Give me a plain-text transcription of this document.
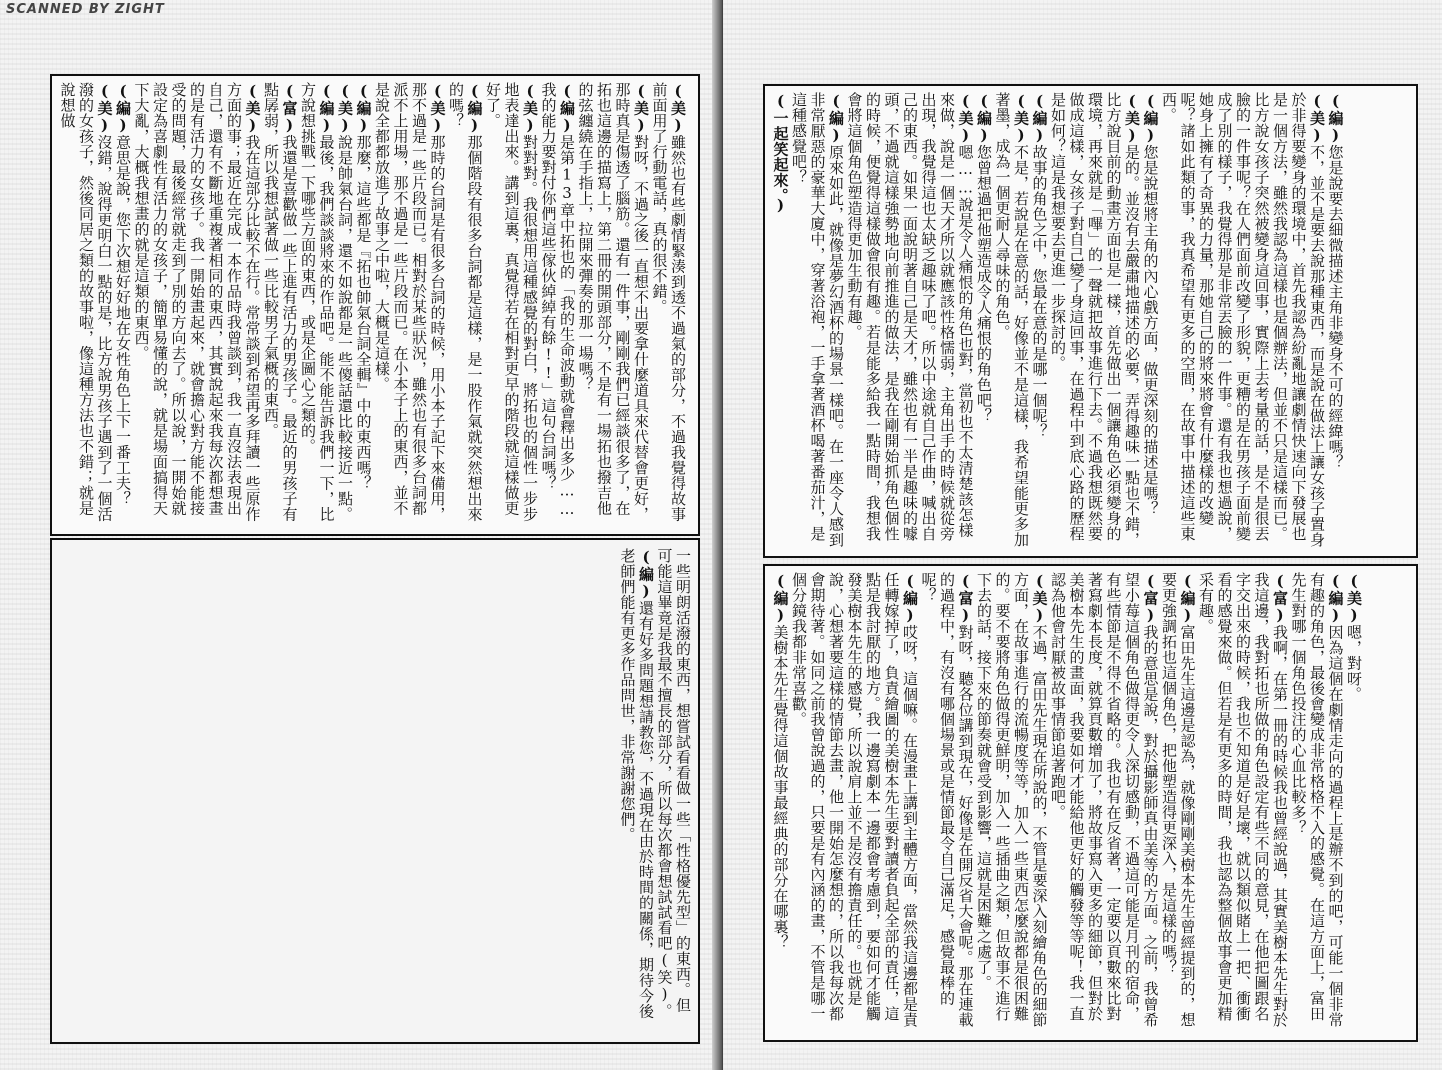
SCANNED BY ZIGHT
(美)雖然也有些劇情緊湊到透不過氣的部分，不過我覺得故事前面用了行動電話，真的很不錯。
(美)對呀，不過之後一直想不出要拿什麼道具來代替會更好，那時真是傷透了腦筋。還有一件事，剛剛我們已經談很多了，在拓也這邊的描寫上，第二冊的開頭部分，不是有一場拓也撥吉他的弦纏繞在手指上，拉開來彈奏的那一場嗎？
(編)是第13章中拓也的「我的生命波動就會釋出多少……我的能力要對付你們這些傢伙綽綽有餘!!」這句台詞嗎？
(美)對對對。我很想用這種感覺的對白，將拓也的個性一步步地表達出來。講到這裏，真覺得若在相對更早的階段就這樣做更好了。
(編)那個階段有很多台詞都是這樣，是一股作氣就突然想出來的嗎？
(美)那時的台詞是有很多台詞的時候，用小本子記下來備用，那不過是一些片段而已。相對於某些狀況，雖然也有很多台詞都派不上用場，那不過是一些片段而已。在小本子上的東西，並不是說全都都放進了故事之中啦，大概是這樣。
(編)那麼，這些都是『拓也帥氣台詞全輯』中的東西嗎？
(美)說是帥氣台詞，還不如說都是一些傻話還比較接近一點。
(編)最後，我們談談將來的作品吧。能不能告訴我們一下，比方說想挑戰一下哪些方面的東西，或是企圖心之類的。
(富)我還是喜歡做一些上進有活力的男孩子。最近的男孩子有點孱弱，所以我想試著做一些比較男子氣概的東西。
(美)我在這部分比較不在行。常常談到希望再多拜讀一些原作方面的事；最近在完成一本作品時我曾談到，我一直沒法表現出自己，還有不斷地重複著相同的東西，其實說起來我每次都想畫的是有活力的女孩子。我一開始畫起來，就會擔心對方能不能接受的問題，最後經常就走到了別的方向去了。所以說，一開始就設定為喜劇性有活力的女孩子，簡單易懂的說，就是場面搞得天下大亂，大概我想畫的就是這類的東西。
(編)意思是說，您下次想好好地在女性角色上下一番工夫？
(美)沒錯，說得更明白一點的是，比方說男孩子遇到了一個活潑的女孩子，然後同居之類的故事啦，像這種方法也不錯；就是說想做
一些明朗活潑的東西，想嘗試看看做一些「性格優先型」的東西。但可能這畢竟是我最不擅長的部分，所以每次都會想試試看吧(笑)。
(編)還有好多問題想請教您，不過現在由於時間的關係，期待今後老師們能有更多作品問世，非常謝謝您們。
(編)您是說要去細微描述主角非變身不可的經緯嗎？
(美)不，並不是要去說那種東西，而是說在做法上讓女孩子置身於非得要變身的環境中，首先我認為紛亂地讓劇情快速向下發展也是一個方法，雖然我認為這樣也是個辦法，但並不只是這樣而已。比方說女孩子突然被變身這回事，實際上去考量的話，是不是很丟臉的一件事呢？在人們面前改變了形貌，更糟的是在男孩子面前變成了別的樣子，我覺得那是非常丟臉的一件事。還有我也想過說，她身上擁有了奇異的力量，那她自己的將來將會有什麼樣的改變呢？諸如此類的事，我真希望有更多的空間，在故事中描述這些東西。
(編)您是說想將主角的內心戲方面，做更深刻的描述是嗎？
(美)是的。並沒有去嚴肅地描述的必要，弄得趣味一點也不錯，比方說目前的動畫方面也是一樣，首先做出一個讓角色必須變身的環境，再來就是「嗶」的一聲就把故事進行下去。不過我想既然要做成這樣，女孩子對自己變了身這回事，在過程中到底心路的歷程是如何？這是我想要去更進一步探討的。
(編)故事的角色之中，您最在意的是哪一個呢？
(美)不是，若說是在意的話，好像並不是這樣，我希望能更多加著墨，成為一個更耐人尋味的角色。
(編)您曾想過把他塑造成令人痛恨的角色吧？
(美)嗯……說是令人痛恨的角色也對，當初也不太清楚該怎樣來做，說是一個天才所以就應該性格懦弱，主角出手的時候就從旁出現，我覺得這也太缺乏趣味了吧。所以中途就自己作曲，喊出自己的東西。如果一面說明著自己是天才，雖然也有一半是趣味的噱頭，不過就這樣強勢地向前推進的做法，是我在剛開始抓角色個性的時候，便覺得這樣做會很有趣。若是能多給我一點時間，我想我會將這個角色塑造得更加生動有趣。
(編)原來如此，就像是夢幻酒杯的場景一樣吧。在一座令人感到非常厭惡的豪華大廈中，穿著浴袍，一手拿著酒杯喝著番茄汁，是這種感覺吧？
(一起笑起來。)
(美)嗯，對呀。
(編)因為這個在劇情走向的過程上是辦不到的吧，可能一個非常有趣的角色，最後會變成非常格格不入的感覺。在這方面上，富田先生對哪一個角色投注的心血比較多？
(富)我啊，在第一冊的時候我也曾經說過，其實美樹本先生對於我這邊，我對拓也所做的角色設定有些不同的意見，在他把圖跟名字交出來的時候，我也不知道是好是壞，就以類似賭上一把、衝衝看的感覺來做。但若是有更多的時間，我也認為整個故事會更加精采有趣。
(編)富田先生這邊是認為，就像剛剛美樹本先生曾經提到的，想要更強調拓也這個角色，把他塑造得更深入，是這樣的嗎？
(富)我的意思是說，對於攝影師真由美等的方面。之前，我曾希望小莓這個角色做得更令人深切感動，不過這可能是月刊的宿命，有些情節是不得不省略的。我也有在反省著，一定要以頁數來比對著寫劇本長度，就算頁數增加了，將故事寫入更多的細節，但對於美樹本先生的畫面，我要如何才能給他更好的觸發等等呢！我一直認為他會討厭被故事情節追著跑吧。
(美)不過，富田先生現在所說的，不管是要深入刻繪角色的細節方面，在故事進行的流暢度等等，加入一些東西怎麼說都是很困難的。要不要將角色做得更鮮明，加入一些插曲之類，但故事不進行下去的話，接下來的節奏就會受到影響，這就是困難之處了。
(富)對呀，聽各位講到現在，好像是在開反省大會呢。那在連載的過程中，有沒有哪個場景或是情節最令自己滿足，感覺最棒的呢？
(編)哎呀，這個嘛。在漫畫上講到主體方面，當然我這邊都是責任轉嫁掉了，負責繪圖的美樹本先生要對讀者負起全部的責任，這點是我討厭的地方。我一邊寫劇本一邊都會考慮到，要如何才能觸發美樹本先生的感覺，所以說肩上並不是沒有擔責任的。也就是說，心想著要這樣的情節去畫，他一開始怎麼想的，所以我每次都會期待著。如同之前我曾說過的，只要是有內涵的畫，不管是哪一個分鏡我都非常喜歡。
(編)美樹本先生覺得這個故事最經典的部分在哪裏？
